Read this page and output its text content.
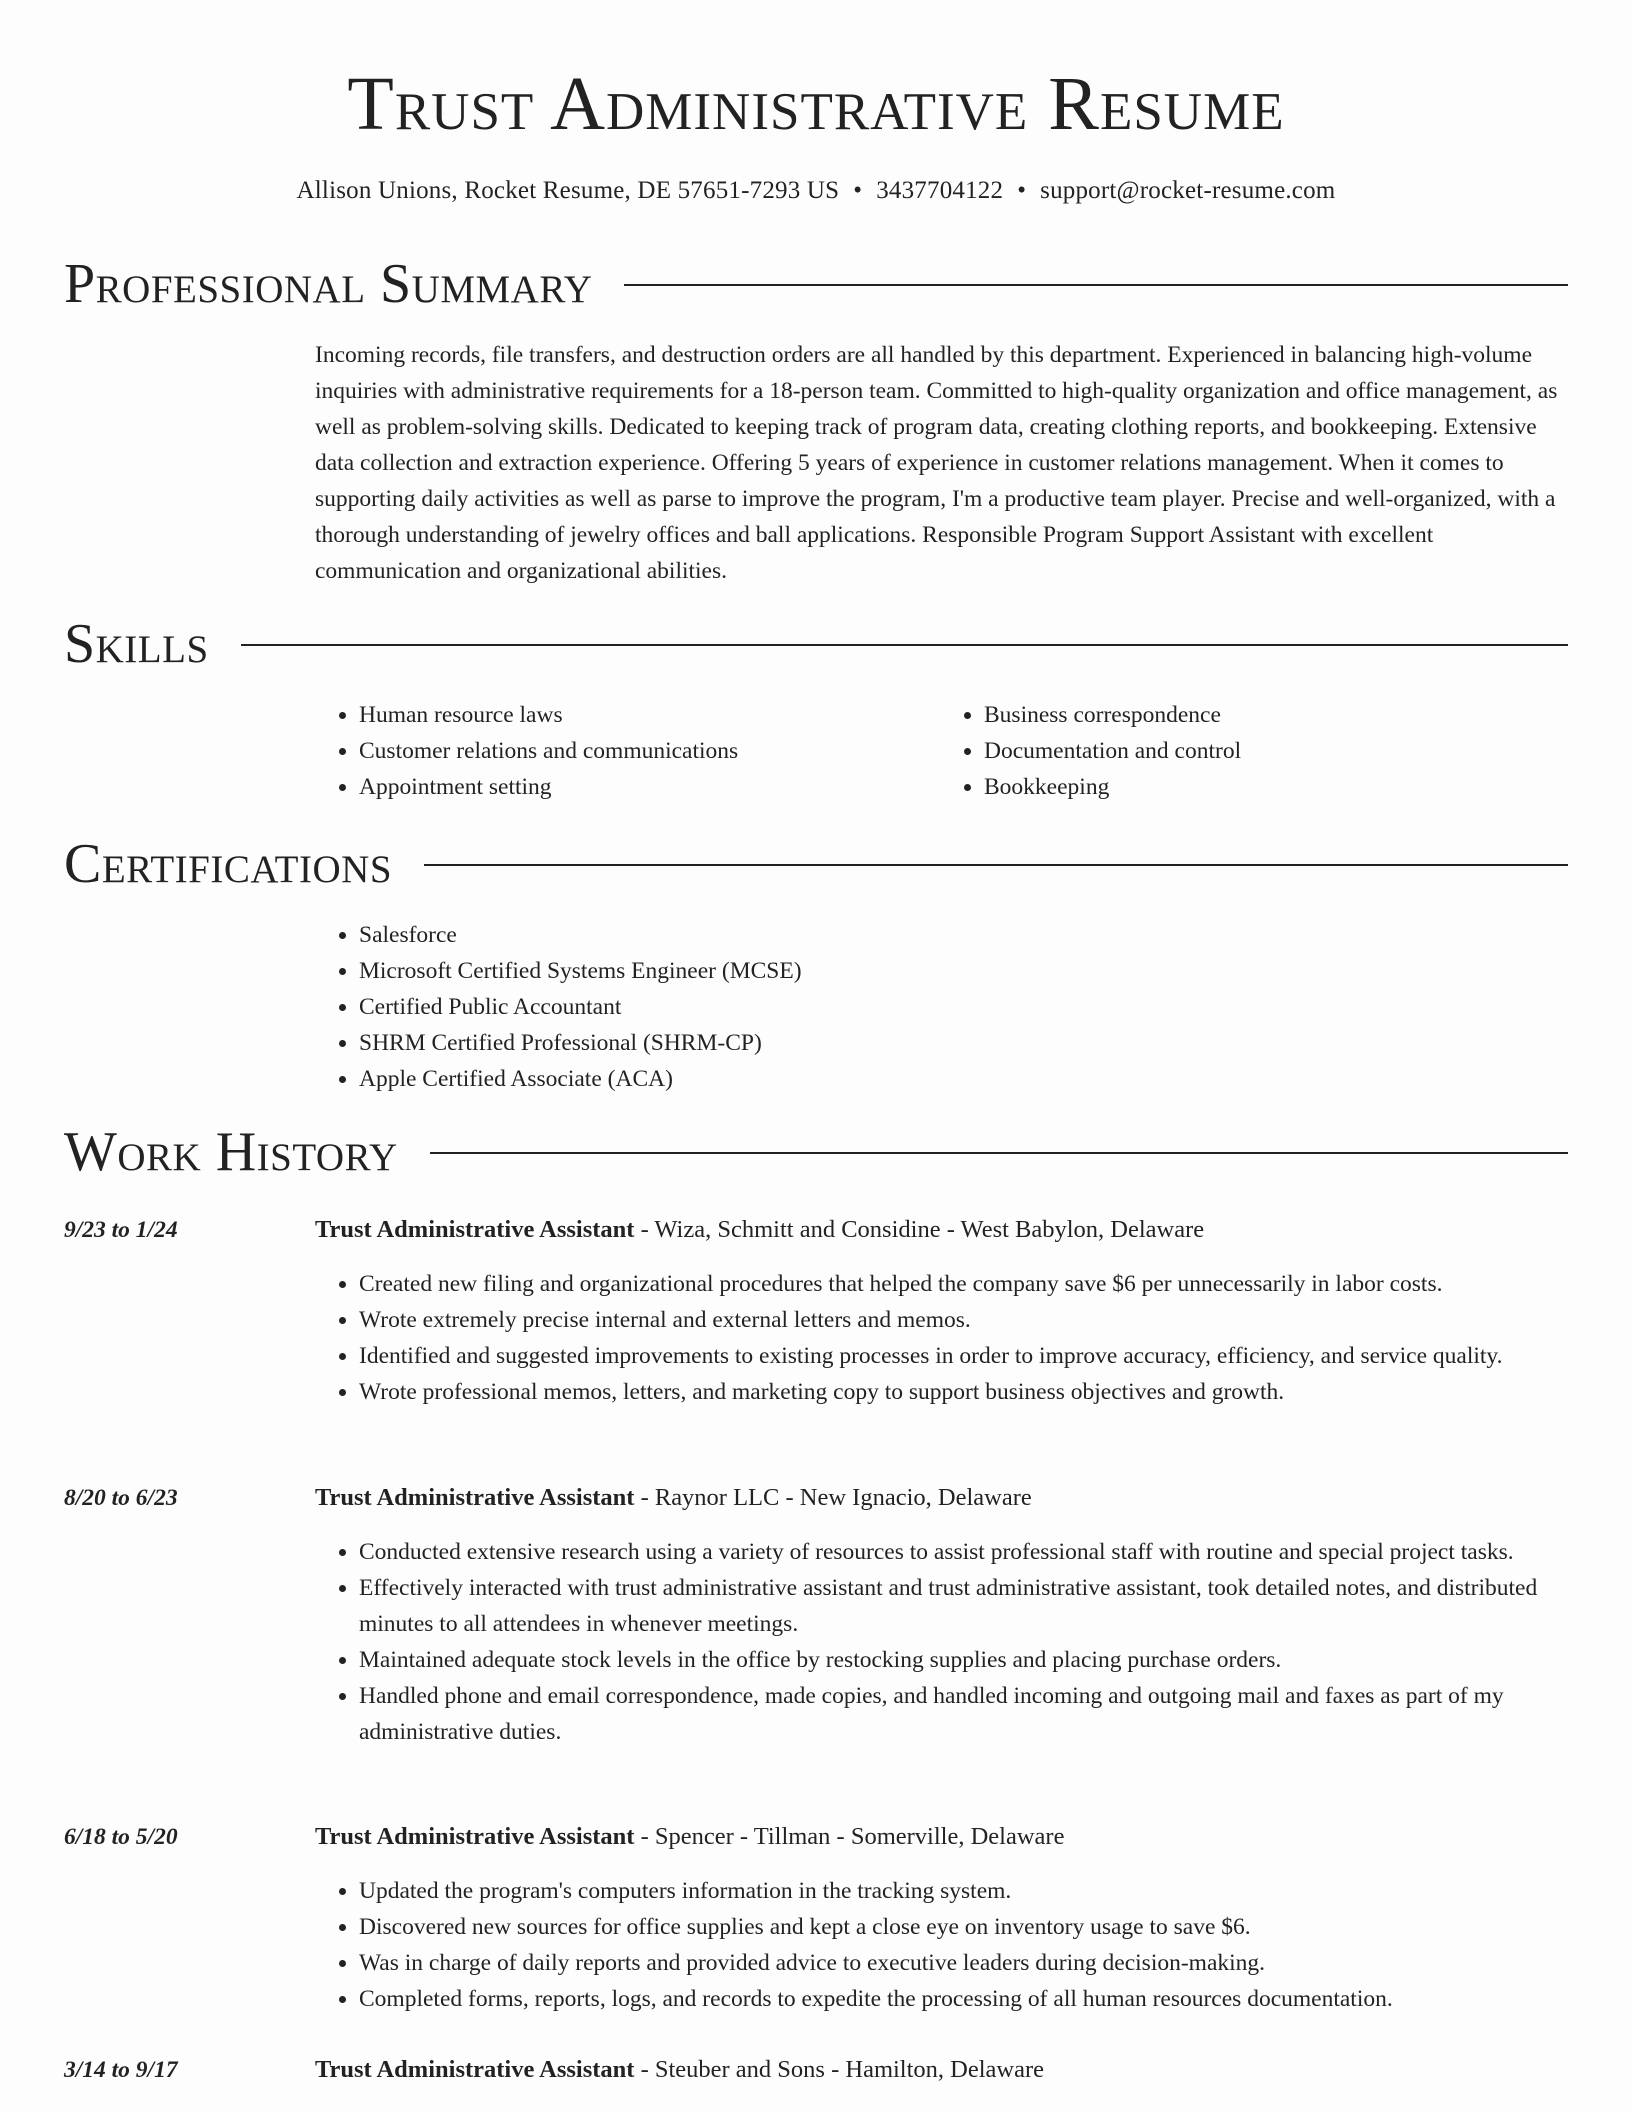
Trust Administrative Resume
Allison Unions, Rocket Resume, DE 57651-7293 US • 3437704122 • support@rocket-resume.com
Professional Summary

Incoming records, file transfers, and destruction orders are all handled by this department. Experienced in balancing high-volume inquiries with administrative requirements for a 18-person team. Committed to high-quality organization and office management, as well as problem-solving skills. Dedicated to keeping track of program data, creating clothing reports, and bookkeeping. Extensive data collection and extraction experience. Offering 5 years of experience in customer relations management. When it comes to supporting daily activities as well as parse to improve the program, I'm a productive team player. Precise and well-organized, with a thorough understanding of jewelry offices and ball applications. Responsible Program Support Assistant with excellent communication and organizational abilities.

Skills
• Human resource laws
• Customer relations and communications
• Appointment setting
• Business correspondence
• Documentation and control
• Bookkeeping
Certifications
• Salesforce
• Microsoft Certified Systems Engineer (MCSE)
• Certified Public Accountant
• SHRM Certified Professional (SHRM-CP)
• Apple Certified Associate (ACA)
Work History
9/23 to 1/24	Trust Administrative Assistant - Wiza, Schmitt and Considine - West Babylon, Delaware
• Created new filing and organizational procedures that helped the company save $6 per unnecessarily in labor costs.
• Wrote extremely precise internal and external letters and memos.
• Identified and suggested improvements to existing processes in order to improve accuracy, efficiency, and service quality.
• Wrote professional memos, letters, and marketing copy to support business objectives and growth.
8/20 to 6/23	Trust Administrative Assistant - Raynor LLC - New Ignacio, Delaware
• Conducted extensive research using a variety of resources to assist professional staff with routine and special project tasks.
• Effectively interacted with trust administrative assistant and trust administrative assistant, took detailed notes, and distributed minutes to all attendees in whenever meetings.
• Maintained adequate stock levels in the office by restocking supplies and placing purchase orders.
• Handled phone and email correspondence, made copies, and handled incoming and outgoing mail and faxes as part of my administrative duties.
6/18 to 5/20	Trust Administrative Assistant - Spencer - Tillman - Somerville, Delaware
• Updated the program's computers information in the tracking system.
• Discovered new sources for office supplies and kept a close eye on inventory usage to save $6.
• Was in charge of daily reports and provided advice to executive leaders during decision-making.
• Completed forms, reports, logs, and records to expedite the processing of all human resources documentation.
3/14 to 9/17	Trust Administrative Assistant - Steuber and Sons - Hamilton, Delaware
